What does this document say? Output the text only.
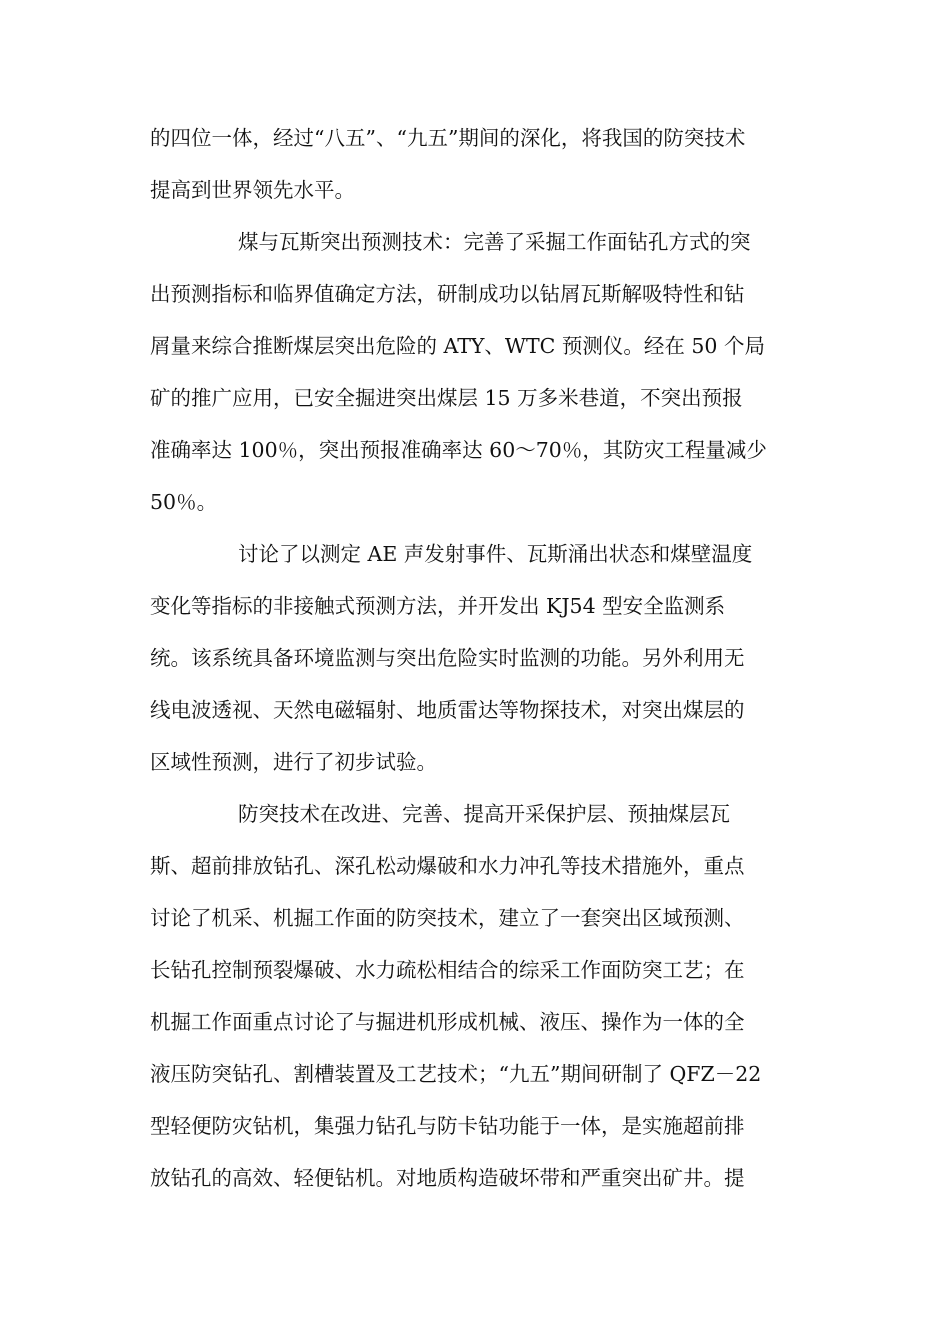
的四位一体，经过“八五”、“九五”期间的深化，将我国的防突技术
提高到世界领先水平。
煤与瓦斯突出预测技术：完善了采掘工作面钻孔方式的突
出预测指标和临界值确定方法，研制成功以钻屑瓦斯解吸特性和钻
屑量来综合推断煤层突出危险的 ATY、WTC 预测仪。经在 50 个局
矿的推广应用，已安全掘进突出煤层 15 万多米巷道，不突出预报
准确率达 100％，突出预报准确率达 60～70％，其防灾工程量减少
50％。
讨论了以测定 AE 声发射事件、瓦斯涌出状态和煤壁温度
变化等指标的非接触式预测方法，并开发出 KJ54 型安全监测系
统。该系统具备环境监测与突出危险实时监测的功能。另外利用无
线电波透视、天然电磁辐射、地质雷达等物探技术，对突出煤层的
区域性预测，进行了初步试验。
防突技术在改进、完善、提高开采保护层、预抽煤层瓦
斯、超前排放钻孔、深孔松动爆破和水力冲孔等技术措施外，重点
讨论了机采、机掘工作面的防突技术，建立了一套突出区域预测、
长钻孔控制预裂爆破、水力疏松相结合的综采工作面防突工艺；在
机掘工作面重点讨论了与掘进机形成机械、液压、操作为一体的全
液压防突钻孔、割槽装置及工艺技术；“九五”期间研制了 QFZ－22
型轻便防灾钻机，集强力钻孔与防卡钻功能于一体，是实施超前排
放钻孔的高效、轻便钻机。对地质构造破坏带和严重突出矿井。提
